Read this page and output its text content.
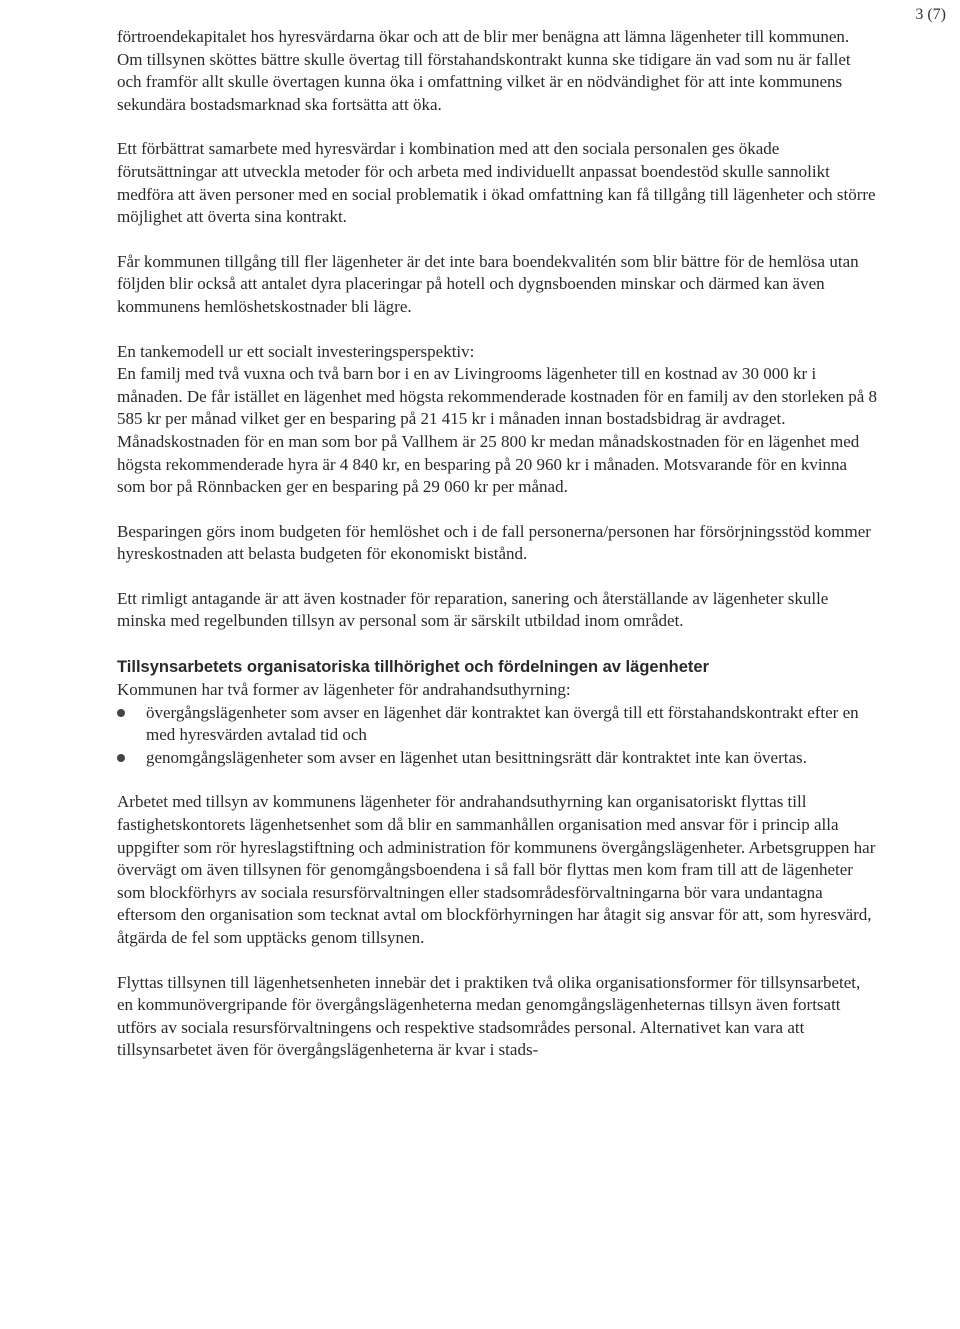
3 (7)

förtroendekapitalet hos hyresvärdarna ökar och att de blir mer benägna att lämna lägenheter till kommunen. Om tillsynen sköttes bättre skulle övertag till förstahandskontrakt kunna ske tidigare än vad som nu är fallet och framför allt skulle övertagen kunna öka i omfattning vilket är en nödvändighet för att inte kommunens sekundära bostadsmarknad ska fortsätta att öka.

Ett förbättrat samarbete med hyresvärdar i kombination med att den sociala personalen ges ökade förutsättningar att utveckla metoder för och arbeta med individuellt anpassat boendestöd skulle sannolikt medföra att även personer med en social problematik i ökad omfattning kan få tillgång till lägenheter och större möjlighet att överta sina kontrakt.

Får kommunen tillgång till fler lägenheter är det inte bara boendekvalitén som blir bättre för de hemlösa utan följden blir också att antalet dyra placeringar på hotell och dygnsboenden minskar och därmed kan även kommunens hemlöshetskostnader bli lägre.

En tankemodell ur ett socialt investeringsperspektiv:

En familj med två vuxna och två barn bor i en av Livingrooms lägenheter till en kostnad av 30 000 kr i månaden. De får istället en lägenhet med högsta rekommenderade kostnaden för en familj av den storleken på 8 585 kr per månad vilket ger en besparing på 21 415 kr i månaden innan bostadsbidrag är avdraget.

Månadskostnaden för en man som bor på Vallhem är 25 800 kr medan månadskostnaden för en lägenhet med högsta rekommenderade hyra är 4 840 kr, en besparing på 20 960 kr i månaden. Motsvarande för en kvinna som bor på Rönnbacken ger en besparing på 29 060 kr per månad.

Besparingen görs inom budgeten för hemlöshet och i de fall personerna/personen har försörjningsstöd kommer hyreskostnaden att belasta budgeten för ekonomiskt bistånd.

Ett rimligt antagande är att även kostnader för reparation, sanering och återställande av lägenheter skulle minska med regelbunden tillsyn av personal som är särskilt utbildad inom området.

Tillsynsarbetets organisatoriska tillhörighet och fördelningen av lägenheter

Kommunen har två former av lägenheter för andrahandsuthyrning:

övergångslägenheter som avser en lägenhet där kontraktet kan övergå till ett förstahandskontrakt efter en med hyresvärden avtalad tid och
genomgångslägenheter som avser en lägenhet utan besittningsrätt där kontraktet inte kan övertas.

Arbetet med tillsyn av kommunens lägenheter för andrahandsuthyrning kan organisatoriskt flyttas till fastighetskontorets lägenhetsenhet som då blir en sammanhållen organisation med ansvar för i princip alla uppgifter som rör hyreslagstiftning och administration för kommunens övergångslägenheter. Arbetsgruppen har övervägt om även tillsynen för genomgångsboendena i så fall bör flyttas men kom fram till att de lägenheter som blockförhyrs av sociala resursförvaltningen eller stadsområdesförvaltningarna bör vara undantagna eftersom den organisation som tecknat avtal om blockförhyrningen har åtagit sig ansvar för att, som hyresvärd, åtgärda de fel som upptäcks genom tillsynen.

Flyttas tillsynen till lägenhetsenheten innebär det i praktiken två olika organisationsformer för tillsynsarbetet, en kommunövergripande för övergångslägenheterna medan genomgångslägenheternas tillsyn även fortsatt utförs av sociala resursförvaltningens och respektive stadsområdes personal. Alternativet kan vara att tillsynsarbetet även för övergångslägenheterna är kvar i stads-
